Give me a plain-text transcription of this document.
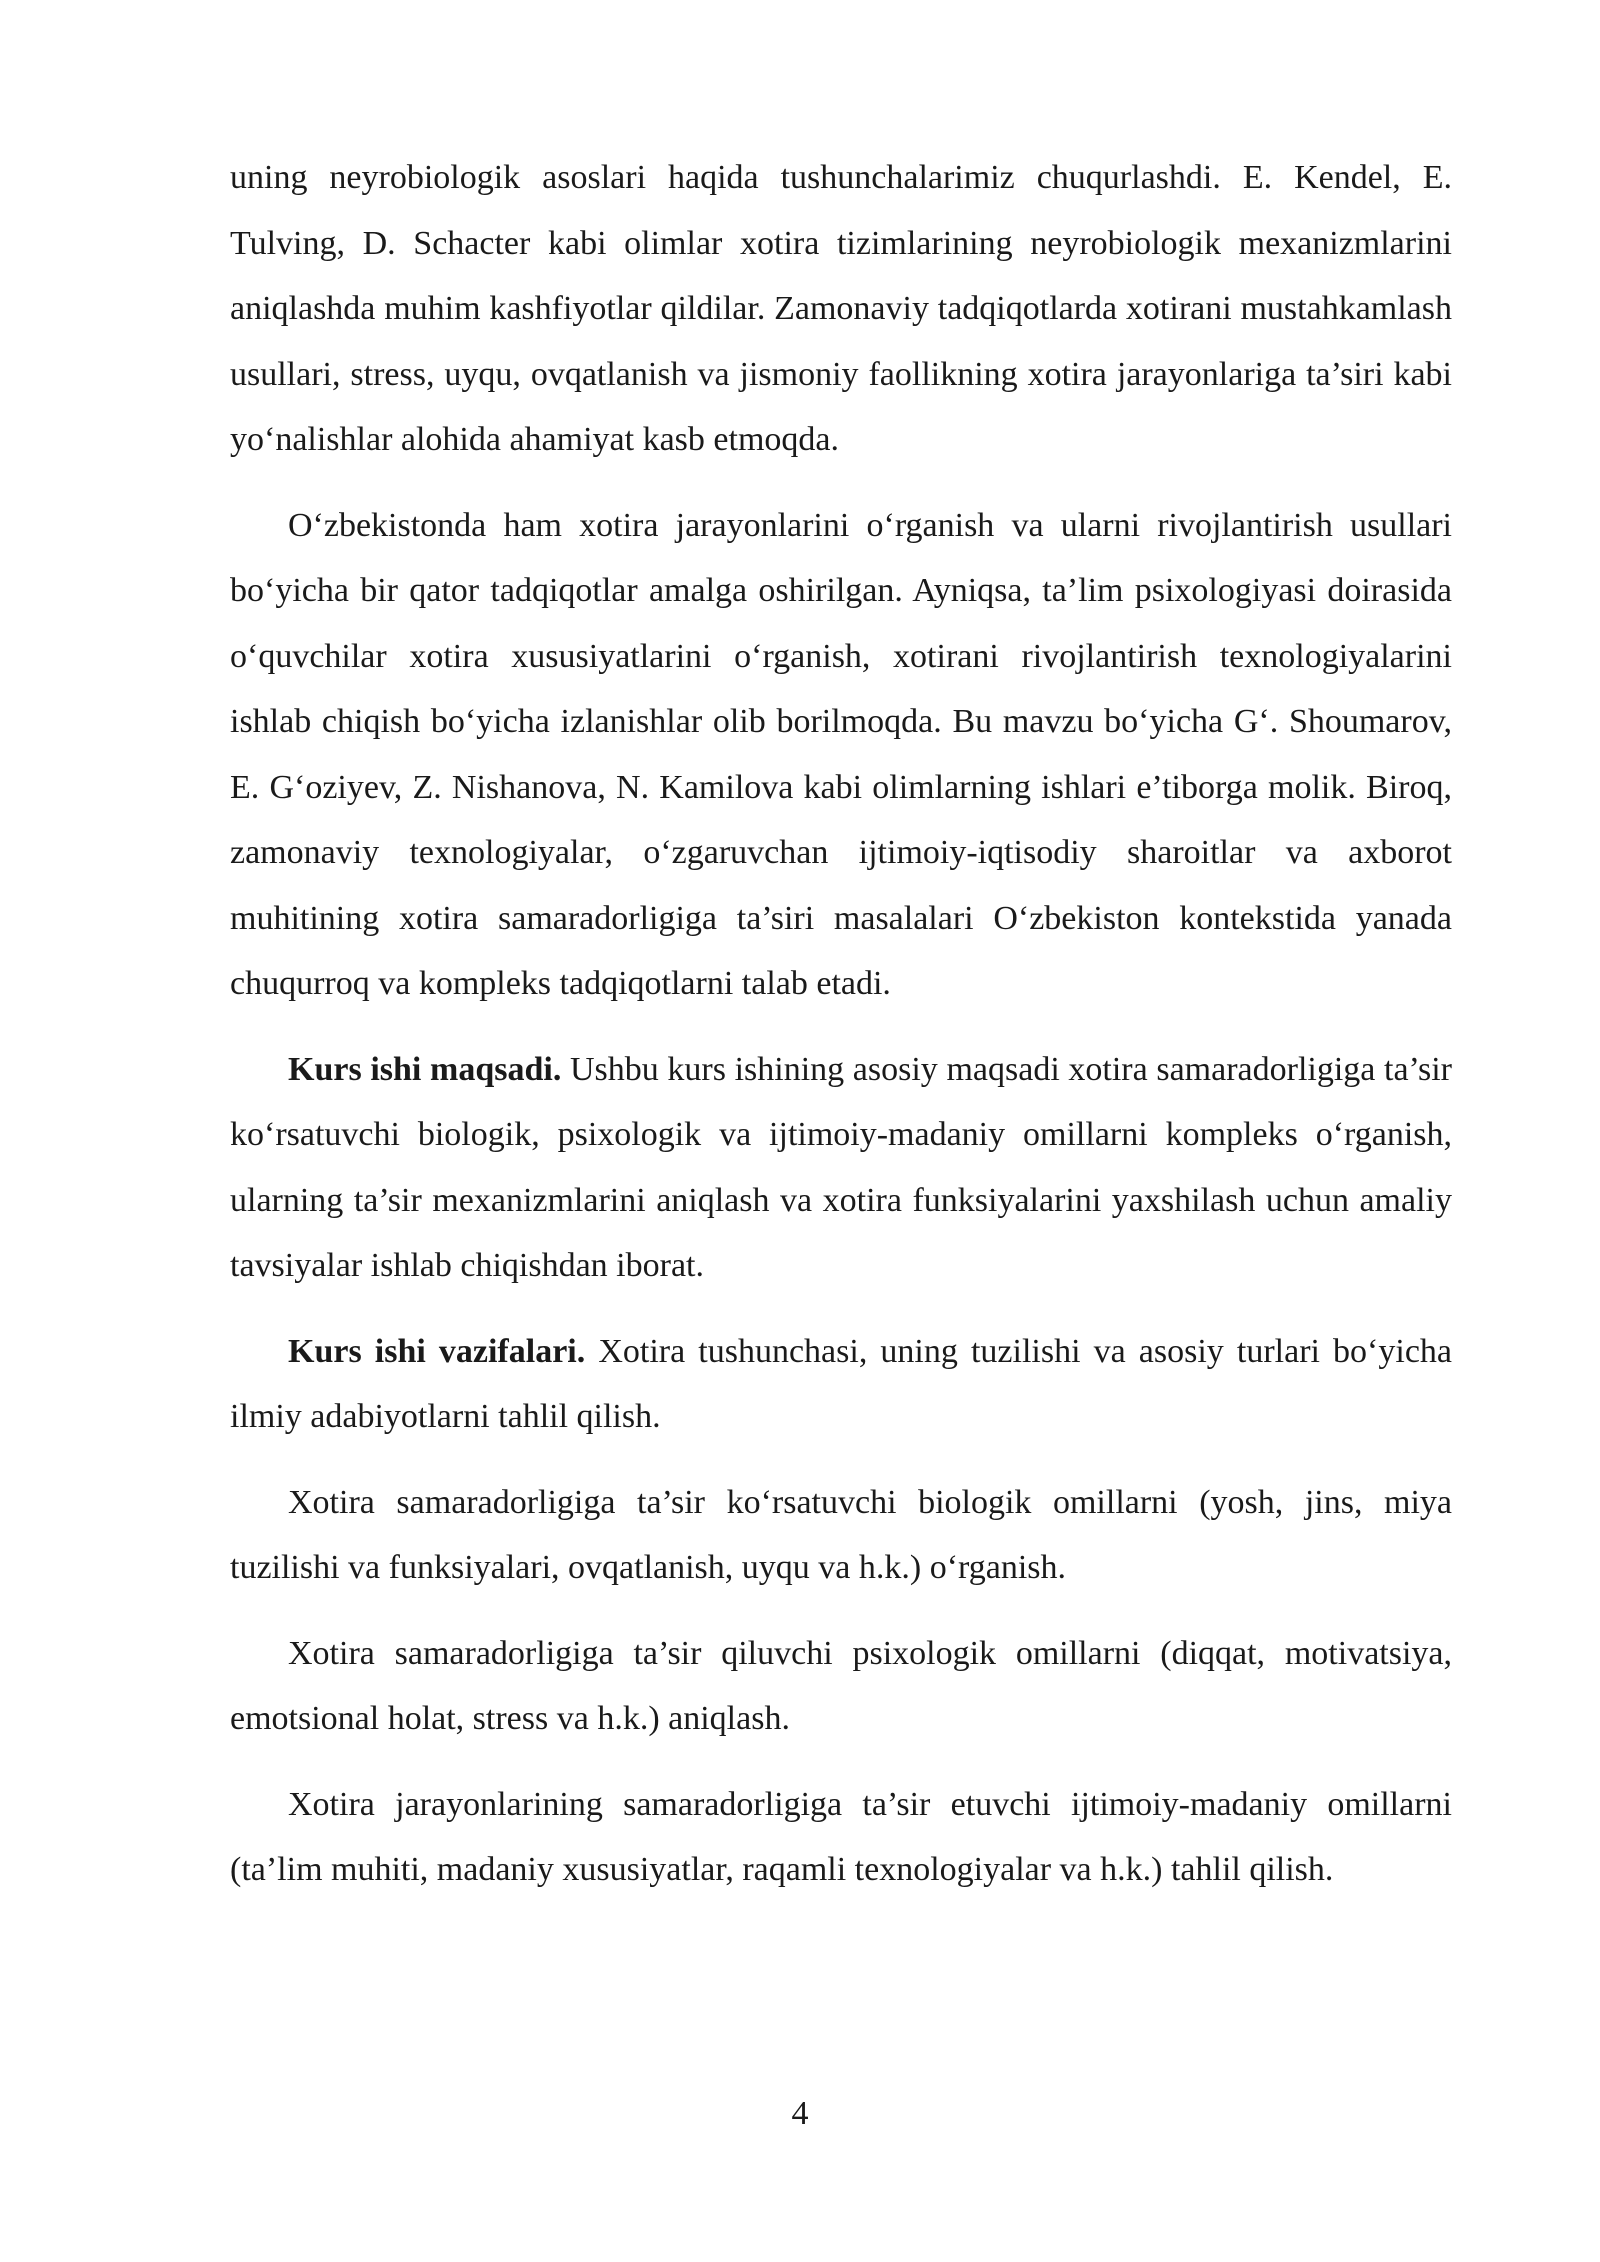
uning neyrobiologik asoslari haqida tushunchalarimiz chuqurlashdi. E. Kendel, E. Tulving, D. Schacter kabi olimlar xotira tizimlarining neyrobiologik mexanizmlarini aniqlashda muhim kashfiyotlar qildilar. Zamonaviy tadqiqotlarda xotirani mustahkamlash usullari, stress, uyqu, ovqatlanish va jismoniy faollikning xotira jarayonlariga ta’siri kabi yo‘nalishlar alohida ahamiyat kasb etmoqda.

O‘zbekistonda ham xotira jarayonlarini o‘rganish va ularni rivojlantirish usullari bo‘yicha bir qator tadqiqotlar amalga oshirilgan. Ayniqsa, ta’lim psixologiyasi doirasida o‘quvchilar xotira xususiyatlarini o‘rganish, xotirani rivojlantirish texnologiyalarini ishlab chiqish bo‘yicha izlanishlar olib borilmoqda. Bu mavzu bo‘yicha G‘. Shoumarov, E. G‘oziyev, Z. Nishanova, N. Kamilova kabi olimlarning ishlari e’tiborga molik. Biroq, zamonaviy texnologiyalar, o‘zgaruvchan ijtimoiy-iqtisodiy sharoitlar va axborot muhitining xotira samaradorligiga ta’siri masalalari O‘zbekiston kontekstida yanada chuqurroq va kompleks tadqiqotlarni talab etadi.

Kurs ishi maqsadi. Ushbu kurs ishining asosiy maqsadi xotira samaradorligiga ta’sir ko‘rsatuvchi biologik, psixologik va ijtimoiy-madaniy omillarni kompleks o‘rganish, ularning ta’sir mexanizmlarini aniqlash va xotira funksiyalarini yaxshilash uchun amaliy tavsiyalar ishlab chiqishdan iborat.

Kurs ishi vazifalari. Xotira tushunchasi, uning tuzilishi va asosiy turlari bo‘yicha ilmiy adabiyotlarni tahlil qilish.

Xotira samaradorligiga ta’sir ko‘rsatuvchi biologik omillarni (yosh, jins, miya tuzilishi va funksiyalari, ovqatlanish, uyqu va h.k.) o‘rganish.

Xotira samaradorligiga ta’sir qiluvchi psixologik omillarni (diqqat, motivatsiya, emotsional holat, stress va h.k.) aniqlash.

Xotira jarayonlarining samaradorligiga ta’sir etuvchi ijtimoiy-madaniy omillarni (ta’lim muhiti, madaniy xususiyatlar, raqamli texnologiyalar va h.k.) tahlil qilish.

4
